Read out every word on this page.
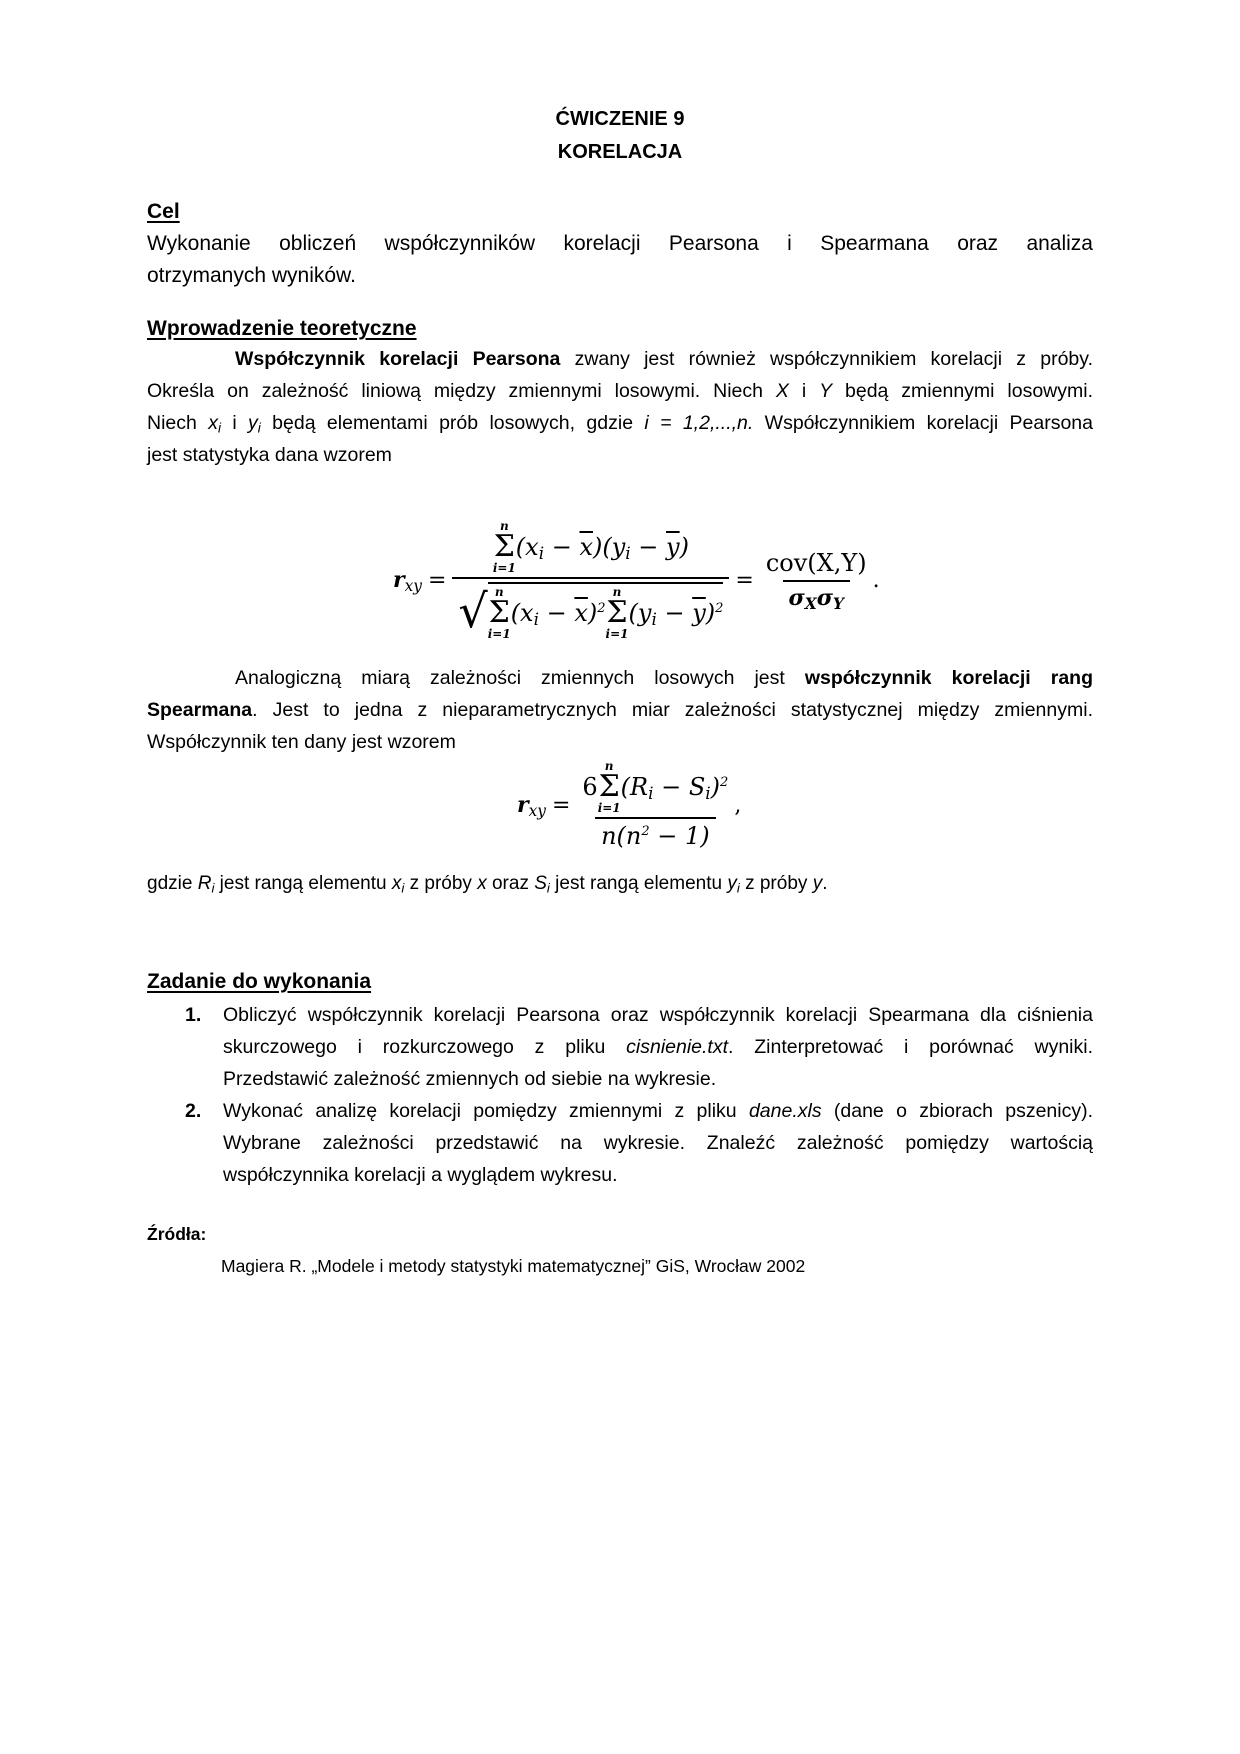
ĆWICZENIE 9
KORELACJA
Cel
Wykonanie obliczeń współczynników korelacji Pearsona i Spearmana oraz analiza
otrzymanych wyników.
Wprowadzenie teoretyczne
Współczynnik korelacji Pearsona zwany jest również współczynnikiem korelacji z próby.
Określa on zależność liniową między zmiennymi losowymi. Niech X i Y będą zmiennymi losowymi.
Niech $x_i$ i $y_i$ będą elementami prób losowych, gdzie i = 1,2,...,n. Współczynnikiem korelacji Pearsona
jest statystyka dana wzorem
$r_{xy}$ =
n
Σ
i=1
$(x_i - \overline{x})(y_i - \overline{y})$
√ n
Σ
i=1
$(x_i - \overline{x})^2$
n
Σ
i=1
$(y_i - \overline{y})^2$
= $\frac{\text{cov(X,Y)}}{\sigma_X\sigma_Y}$ .
Analogiczną miarą zależności zmiennych losowych jest współczynnik korelacji rang
Spearmana. Jest to jedna z nieparametrycznych miar zależności statystycznej między zmiennymi.
Współczynnik ten dany jest wzorem
$r_{xy} = 6$
n
Σ
i=1
$(R_i - S_i)^2$
$n(n^2 - 1)$ ,
gdzie $R_i$ jest rangą elementu $x_i$ z próby x oraz $S_i$ jest rangą elementu $y_i$ z próby y.
Zadanie do wykonania
1. Obliczyć współczynnik korelacji Pearsona oraz współczynnik korelacji Spearmana dla ciśnienia
skurczowego i rozkurczowego z pliku cisnienie.txt. Zinterpretować i porównać wyniki.
Przedstawić zależność zmiennych od siebie na wykresie.
2. Wykonać analizę korelacji pomiędzy zmiennymi z pliku dane.xls (dane o zbiorach pszenicy).
Wybrane zależności przedstawić na wykresie. Znaleźć zależność pomiędzy wartością
współczynnika korelacji a wyglądem wykresu.
Źródła:
Magiera R. „Modele i metody statystyki matematycznej” GiS, Wrocław 2002
